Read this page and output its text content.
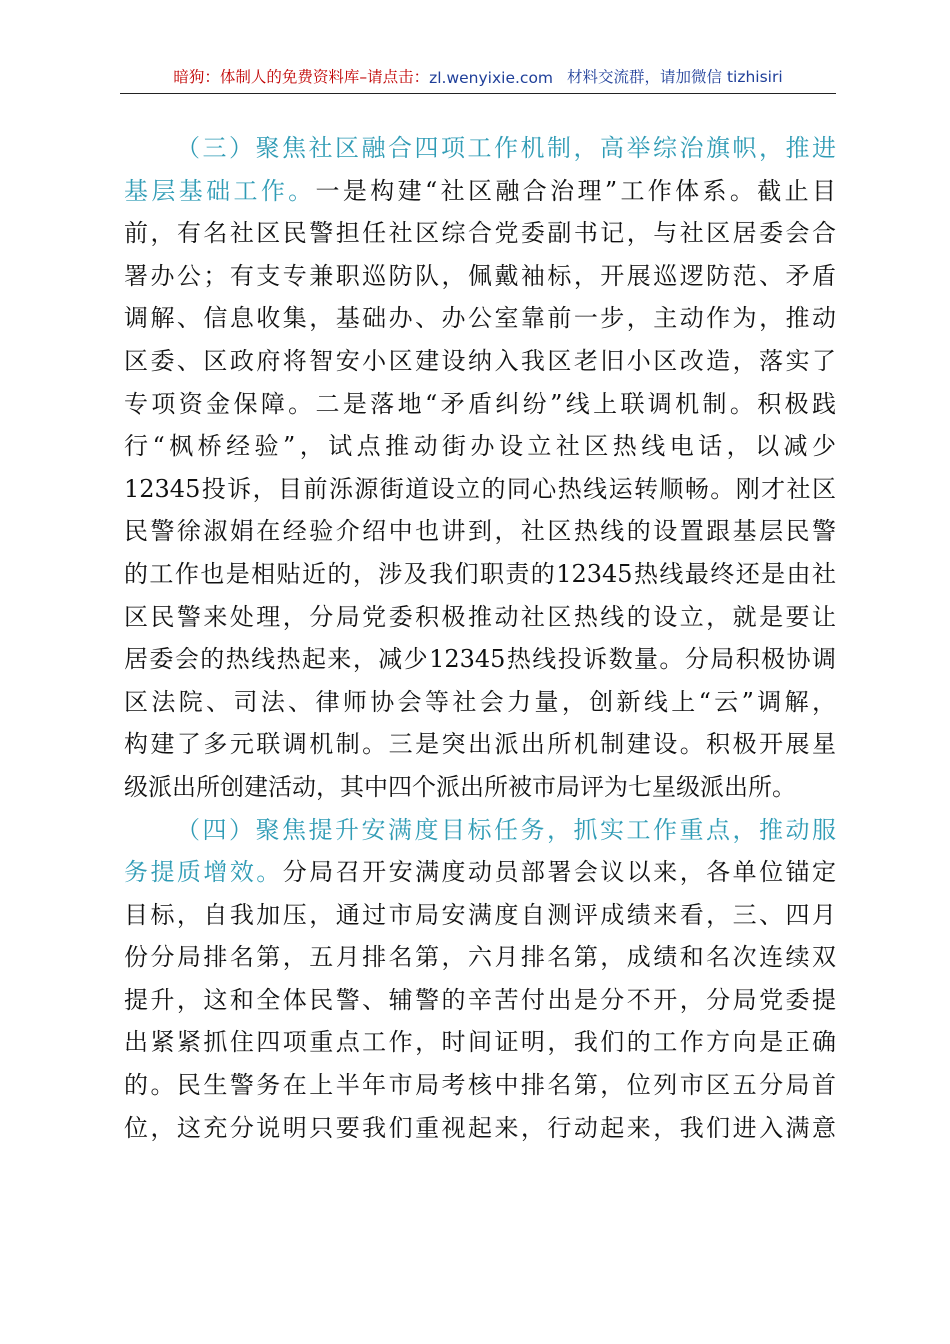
暗狗：体制人的免费资料库 –请点击： zl.wenyixie.com 材料交流群，请加微信 tizhisiri
（三）聚焦社区融合四项工作机制，高举综治旗帜，推进
基层基础工作。一是构建“社区融合治理”工作体系。截止目
前，有名社区民警担任社区综合党委副书记，与社区居委会合
署办公；有支专兼职巡防队，佩戴袖标，开展巡逻防范、矛盾
调解、信息收集，基础办、办公室靠前一步，主动作为，推动
区委、区政府将智安小区建设纳入我区老旧小区改造，落实了
专项资金保障。二是落地“矛盾纠纷”线上联调机制。积极践
行“枫桥经验”，试点推动街办设立社区热线电话，以减少
12345投诉，目前泺源街道设立的同心热线运转顺畅。刚才社区
民警徐淑娟在经验介绍中也讲到，社区热线的设置跟基层民警
的工作也是相贴近的，涉及我们职责的12345热线最终还是由社
区民警来处理，分局党委积极推动社区热线的设立，就是要让
居委会的热线热起来，减少12345热线投诉数量。分局积极协调
区法院、司法、律师协会等社会力量，创新线上“云”调解，
构建了多元联调机制。三是突出派出所机制建设。积极开展星
级派出所创建活动，其中四个派出所被市局评为七星级派出所。
（四）聚焦提升安满度目标任务，抓实工作重点，推动服
务提质增效。分局召开安满度动员部署会议以来，各单位锚定
目标，自我加压，通过市局安满度自测评成绩来看，三、四月
份分局排名第，五月排名第，六月排名第，成绩和名次连续双
提升，这和全体民警、辅警的辛苦付出是分不开，分局党委提
出紧紧抓住四项重点工作，时间证明，我们的工作方向是正确
的。民生警务在上半年市局考核中排名第，位列市区五分局首
位，这充分说明只要我们重视起来，行动起来，我们进入满意
